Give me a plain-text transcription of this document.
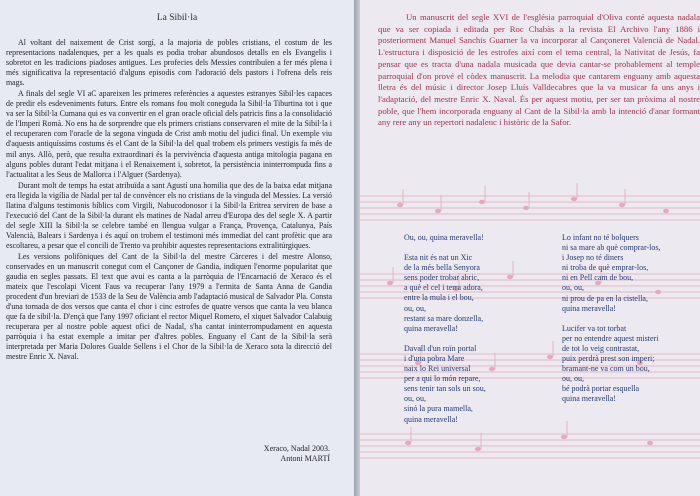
La Sibil·la

Al voltant del naixement de Crist sorgí, a la majoria de pobles cristians, el costum de les representacions nadalenques, per a les quals es podia trobar abundosos detalls en els Evangelis i sobretot en les tradicions piadoses antigues. Les profecies dels Messies contribuïen a fer més plena i més significativa la representació d'alguns episodis com l'adoració dels pastors i l'ofrena dels reis mags.

A finals del segle VI aC apareixen les primeres referències a aquestes estranyes Sibil·les capaces de predir els esdeveniments futurs. Entre els romans fou molt coneguda la Sibil·la Tiburtina tot i que va ser la Sibil·la Cumana qui es va convertir en el gran oracle oficial dels patricis fins a la consolidació de l'Imperi Romà. No ens ha de sorprendre que els primers cristians conservaren el mite de la Sibil·la i el recuperaren com l'oracle de la segona vinguda de Crist amb motiu del judici final. Un exemple viu d'aquests antiquíssims costums és el Cant de la Sibil·la del qual trobem els primers vestigis fa més de mil anys. Allò, però, que resulta extraordinari és la pervivència d'aquesta antiga mitologia pagana en alguns pobles durant l'edat mitjana i el Renaixement i, sobretot, la persistència ininterrompuda fins a l'actualitat a les Seus de Mallorca i l'Alguer (Sardenya).

Durant molt de temps ha estat atribuïda a sant Agustí una homilia que des de la baixa edat mitjana era llegida la vigília de Nadal per tal de convèncer els no cristians de la vinguda del Messies. La versió llatina d'alguns testimonis bíblics com Virgili, Nabucodonosor i la Sibil·la Eritrea serviren de base a l'execució del Cant de la Sibil·la durant els matines de Nadal arreu d'Europa des del segle X. A partir del segle XIII la Sibil·la se celebre també en llengua vulgar a França, Provença, Catalunya, País Valencià, Balears i Sardenya i és aquí on trobem el testimoni més immediat del cant profètic que ara escoltareu, a pesar que el concili de Trento va prohibir aquestes representacions extralitúrgiques.

Les versions polifòniques del Cant de la Sibil·la del mestre Càrceres i del mestre Alonso, conservades en un manuscrit conegut com el Cançoner de Gandia, indiquen l'enorme popularitat que gaudia en segles passats. El text que avui es canta a la parròquia de l'Encarnació de Xeraco és el mateix que l'escolapi Vicent Faus va recuperar l'any 1979 a l'ermita de Santa Anna de Gandia procedent d'un breviari de 1533 de la Seu de València amb l'adaptació musical de Salvador Pla. Consta d'una tornada de dos versos que canta el chor i cinc estrofes de quatre versos que canta la veu blanca que fa de sibil·la. D'ençà que l'any 1997 oficiant el rector Miquel Romero, el xiquet Salvador Calabuig recuperara per al nostre poble aquest ofici de Nadal, s'ha cantat ininterrompudament en aquesta parròquia i ha estat exemple a imitar per d'altres pobles. Enguany el Cant de la Sibil·la serà interpretada per Maria Dolores Gualde Sellens i el Chor de la Sibil·la de Xeraco sota la direcció del mestre Enric X. Naval.

Xeraco, Nadal 2003.
Antoni MARTÍ

Un manuscrit del segle XVI de l'església parroquial d'Oliva conté aquesta nadala que va ser copiada i editada per Roc Chabàs a la revista El Archivo l'any 1886 i posteriorment Manuel Sanchis Guarner la va incorporar al Cançoneret Valencià de Nadal. L'estructura i disposició de les estrofes així com el tema central, la Nativitat de Jesús, fa pensar que es tracta d'una nadala musicada que devia cantar-se probablement al temple parroquial d'on prové el còdex manuscrit. La melodia que cantarem enguany amb aquesta lletra és del músic i director Josep Lluís Valldecabres que la va musicar fa uns anys i l'adaptació, del mestre Enric X. Naval. És per aquest motiu, per ser tan pròxima al nostre poble, que l'hem incorporada enguany al Cant de la Sibil·la amb la intenció d'anar formant any rere any un repertori nadalenc i històric de la Safor.

Ou, ou, quina meravella!
Esta nit és nat un Xic
de la més bella Senyora
sens poder trobar abric,
a què el cel i terra adora,
entre la mula i el bou,
ou, ou,
restant sa mare donzella,
quina meravella!
Davall d'un roïn portal
i d'una pobra Mare
naix lo Rei universal
per a qui lo món repare,
sens tenir tan sols un sou,
ou, ou,
sinó la pura mamella,
quina meravella!
Lo infant no té bolquers
ni sa mare ab què comprar-los,
i Josep no té diners
ni troba de què emprar-los,
ni en Pell cam de bou,
ou, ou,
ni prou de pa en la cistella,
quina meravella!
Lucifer va tot torbat
per no entendre aquest misteri
de tot lo veig contrastat,
puix perdrà prest son imperi;
bramant-ne va com un bou,
ou, ou,
bé podrà portar esquella
quina meravella!
